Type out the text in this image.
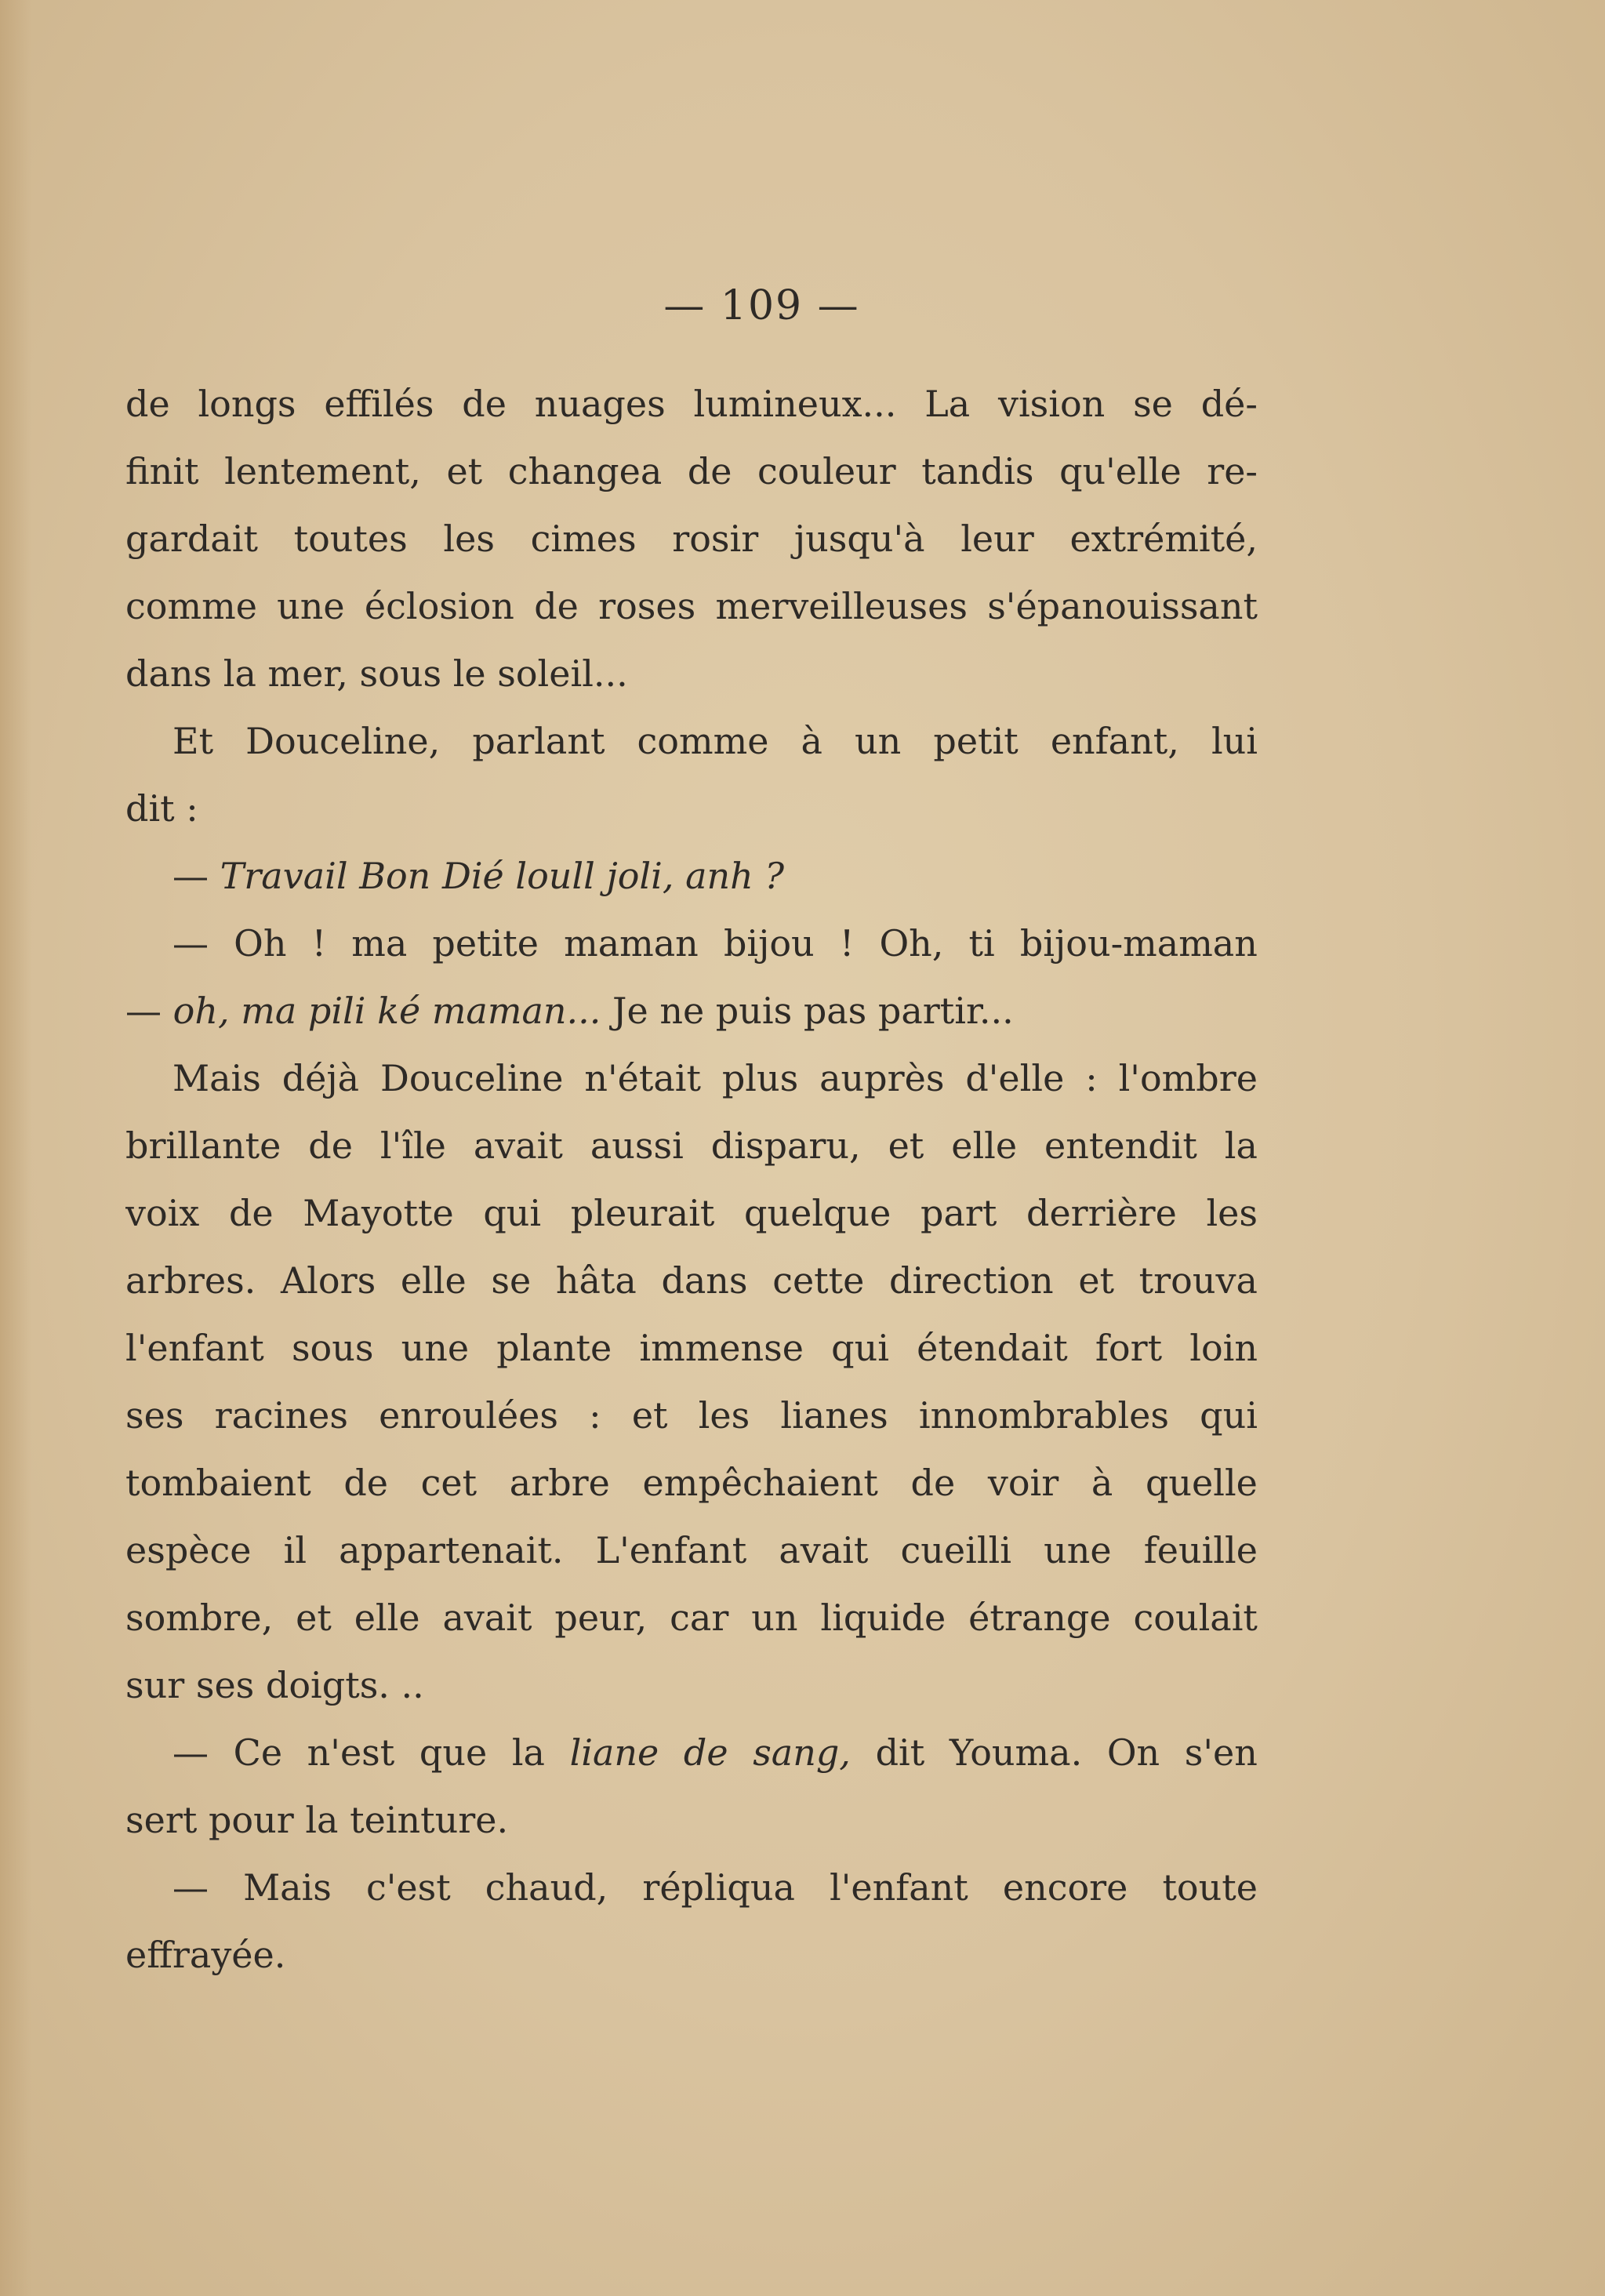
— 109 —
de longs effilés de nuages lumineux... La vision se dé-
finit lentement, et changea de couleur tandis qu'elle re-
gardait toutes les cimes rosir jusqu'à leur extrémité,
comme une éclosion de roses merveilleuses s'épanouissant
dans la mer, sous le soleil...
Et Douceline, parlant comme à un petit enfant, lui
dit :
— Travail Bon Dié loull joli, anh ?
— Oh ! ma petite maman bijou ! Oh, ti bijou-maman
— oh, ma pili ké maman... Je ne puis pas partir...
Mais déjà Douceline n'était plus auprès d'elle : l'ombre
brillante de l'île avait aussi disparu, et elle entendit la
voix de Mayotte qui pleurait quelque part derrière les
arbres. Alors elle se hâta dans cette direction et trouva
l'enfant sous une plante immense qui étendait fort loin
ses racines enroulées : et les lianes innombrables qui
tombaient de cet arbre empêchaient de voir à quelle
espèce il appartenait. L'enfant avait cueilli une feuille
sombre, et elle avait peur, car un liquide étrange coulait
sur ses doigts. ..
— Ce n'est que la liane de sang, dit Youma. On s'en
sert pour la teinture.
— Mais c'est chaud, répliqua l'enfant encore toute
effrayée.
